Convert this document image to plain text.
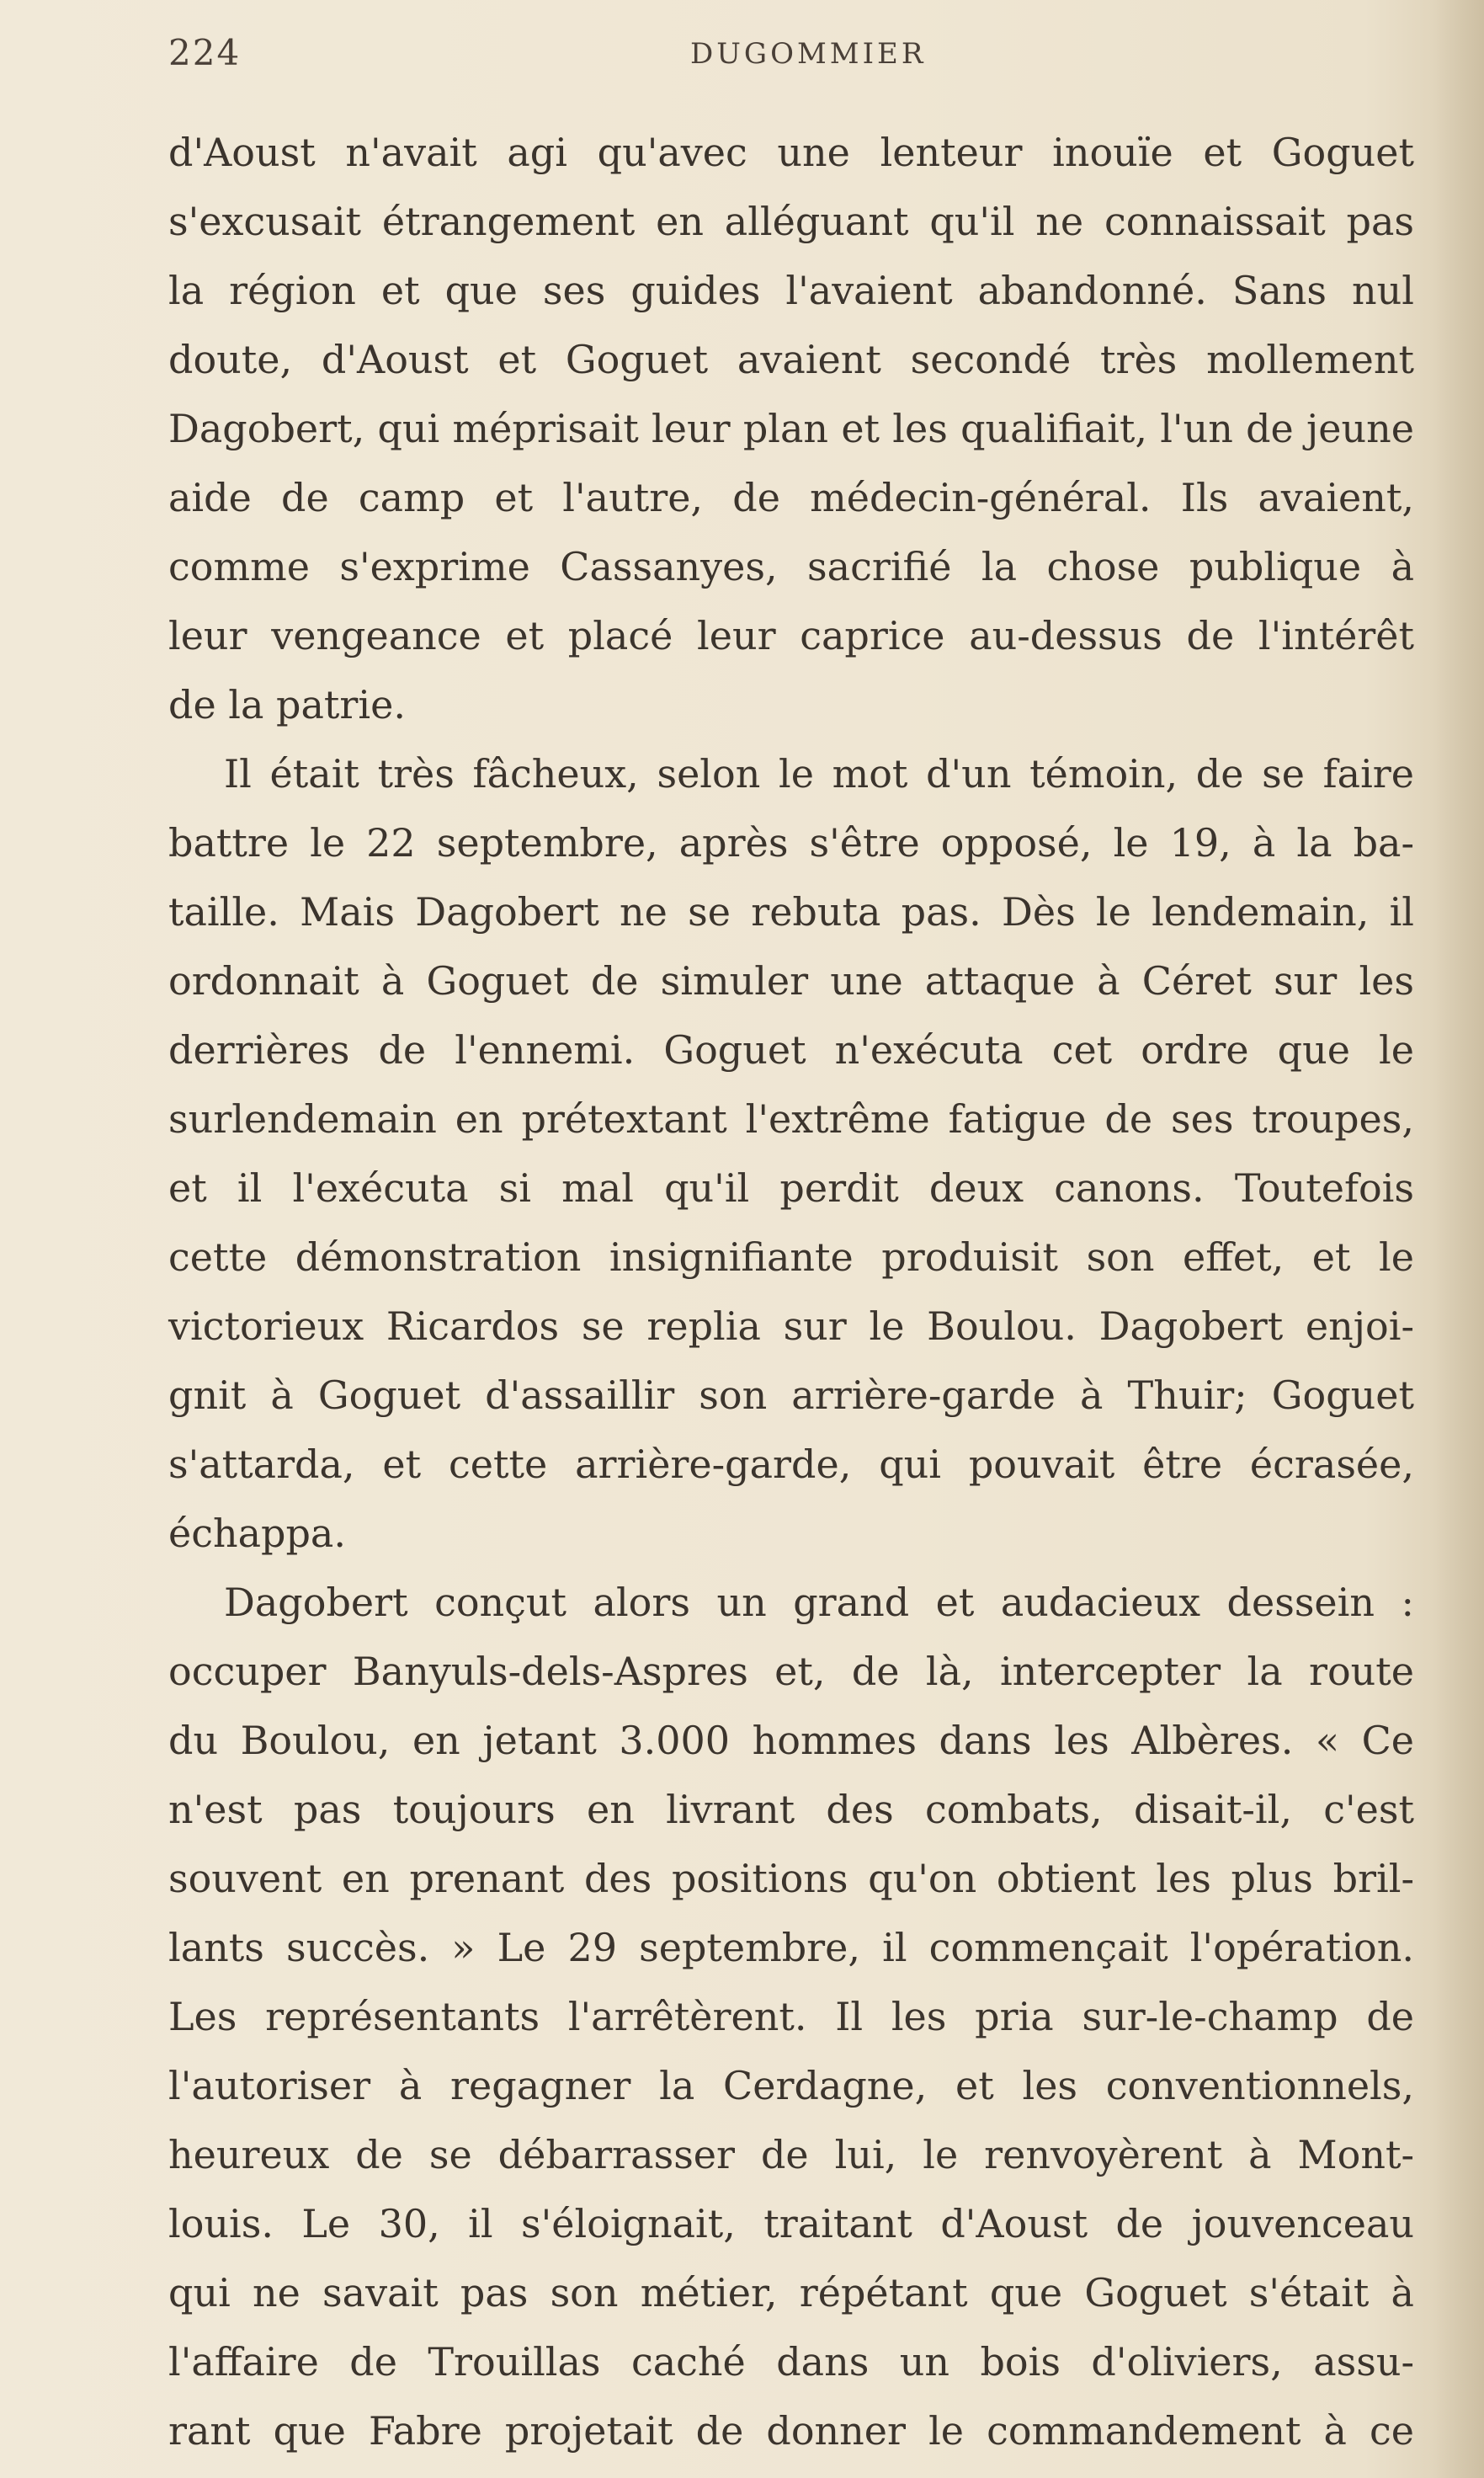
224	DUGOMMIER
d'Aoust n'avait agi qu'avec une lenteur inouïe et Goguet
s'excusait étrangement en alléguant qu'il ne connaissait pas
la région et que ses guides l'avaient abandonné. Sans nul
doute, d'Aoust et Goguet avaient secondé très mollement
Dagobert, qui méprisait leur plan et les qualifiait, l'un de jeune
aide de camp et l'autre, de médecin-général. Ils avaient,
comme s'exprime Cassanyes, sacrifié la chose publique à
leur vengeance et placé leur caprice au-dessus de l'intérêt
de la patrie.
Il était très fâcheux, selon le mot d'un témoin, de se faire
battre le 22 septembre, après s'être opposé, le 19, à la ba-
taille. Mais Dagobert ne se rebuta pas. Dès le lendemain, il
ordonnait à Goguet de simuler une attaque à Céret sur les
derrières de l'ennemi. Goguet n'exécuta cet ordre que le
surlendemain en prétextant l'extrême fatigue de ses troupes,
et il l'exécuta si mal qu'il perdit deux canons. Toutefois
cette démonstration insignifiante produisit son effet, et le
victorieux Ricardos se replia sur le Boulou. Dagobert enjoi-
gnit à Goguet d'assaillir son arrière-garde à Thuir; Goguet
s'attarda, et cette arrière-garde, qui pouvait être écrasée,
échappa.
Dagobert conçut alors un grand et audacieux dessein :
occuper Banyuls-dels-Aspres et, de là, intercepter la route
du Boulou, en jetant 3.000 hommes dans les Albères. « Ce
n'est pas toujours en livrant des combats, disait-il, c'est
souvent en prenant des positions qu'on obtient les plus bril-
lants succès. » Le 29 septembre, il commençait l'opération.
Les représentants l'arrêtèrent. Il les pria sur-le-champ de
l'autoriser à regagner la Cerdagne, et les conventionnels,
heureux de se débarrasser de lui, le renvoyèrent à Mont-
louis. Le 30, il s'éloignait, traitant d'Aoust de jouvenceau
qui ne savait pas son métier, répétant que Goguet s'était à
l'affaire de Trouillas caché dans un bois d'oliviers, assu-
rant que Fabre projetait de donner le commandement à ce
